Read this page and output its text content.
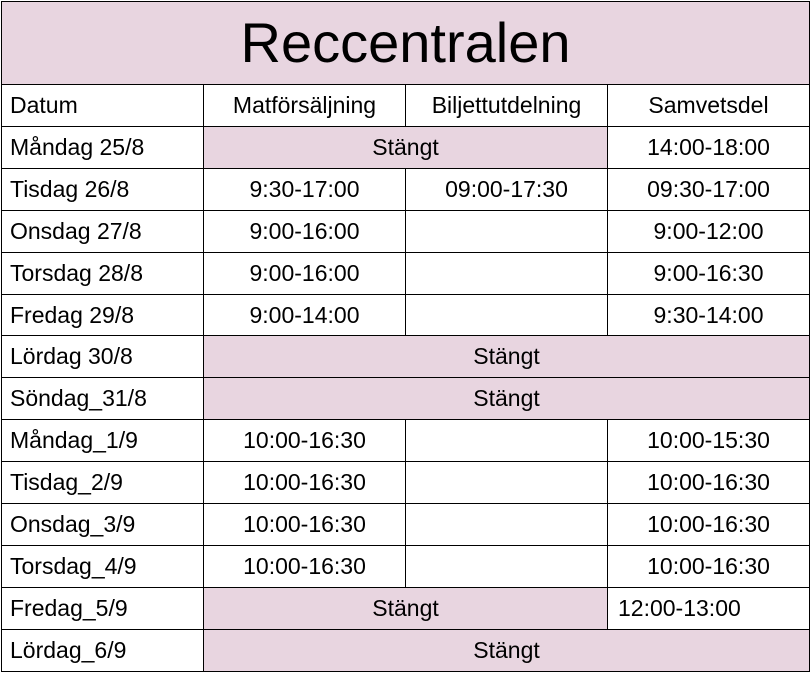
Reccentralen			
Datum	Matförsäljning	Biljettutdelning	Samvetsdel
Måndag 25/8	Stängt		14:00-18:00
Tisdag 26/8	9:30-17:00	09:00-17:30	09:30-17:00
Onsdag 27/8	9:00-16:00		9:00-12:00
Torsdag 28/8	9:00-16:00		9:00-16:30
Fredag 29/8	9:00-14:00		9:30-14:00
Lördag 30/8	Stängt		
Söndag_31/8	Stängt		
Måndag_1/9	10:00-16:30		10:00-15:30
Tisdag_2/9	10:00-16:30		10:00-16:30
Onsdag_3/9	10:00-16:30		10:00-16:30
Torsdag_4/9	10:00-16:30		10:00-16:30
Fredag_5/9	Stängt		12:00-13:00
Lördag_6/9	Stängt		
